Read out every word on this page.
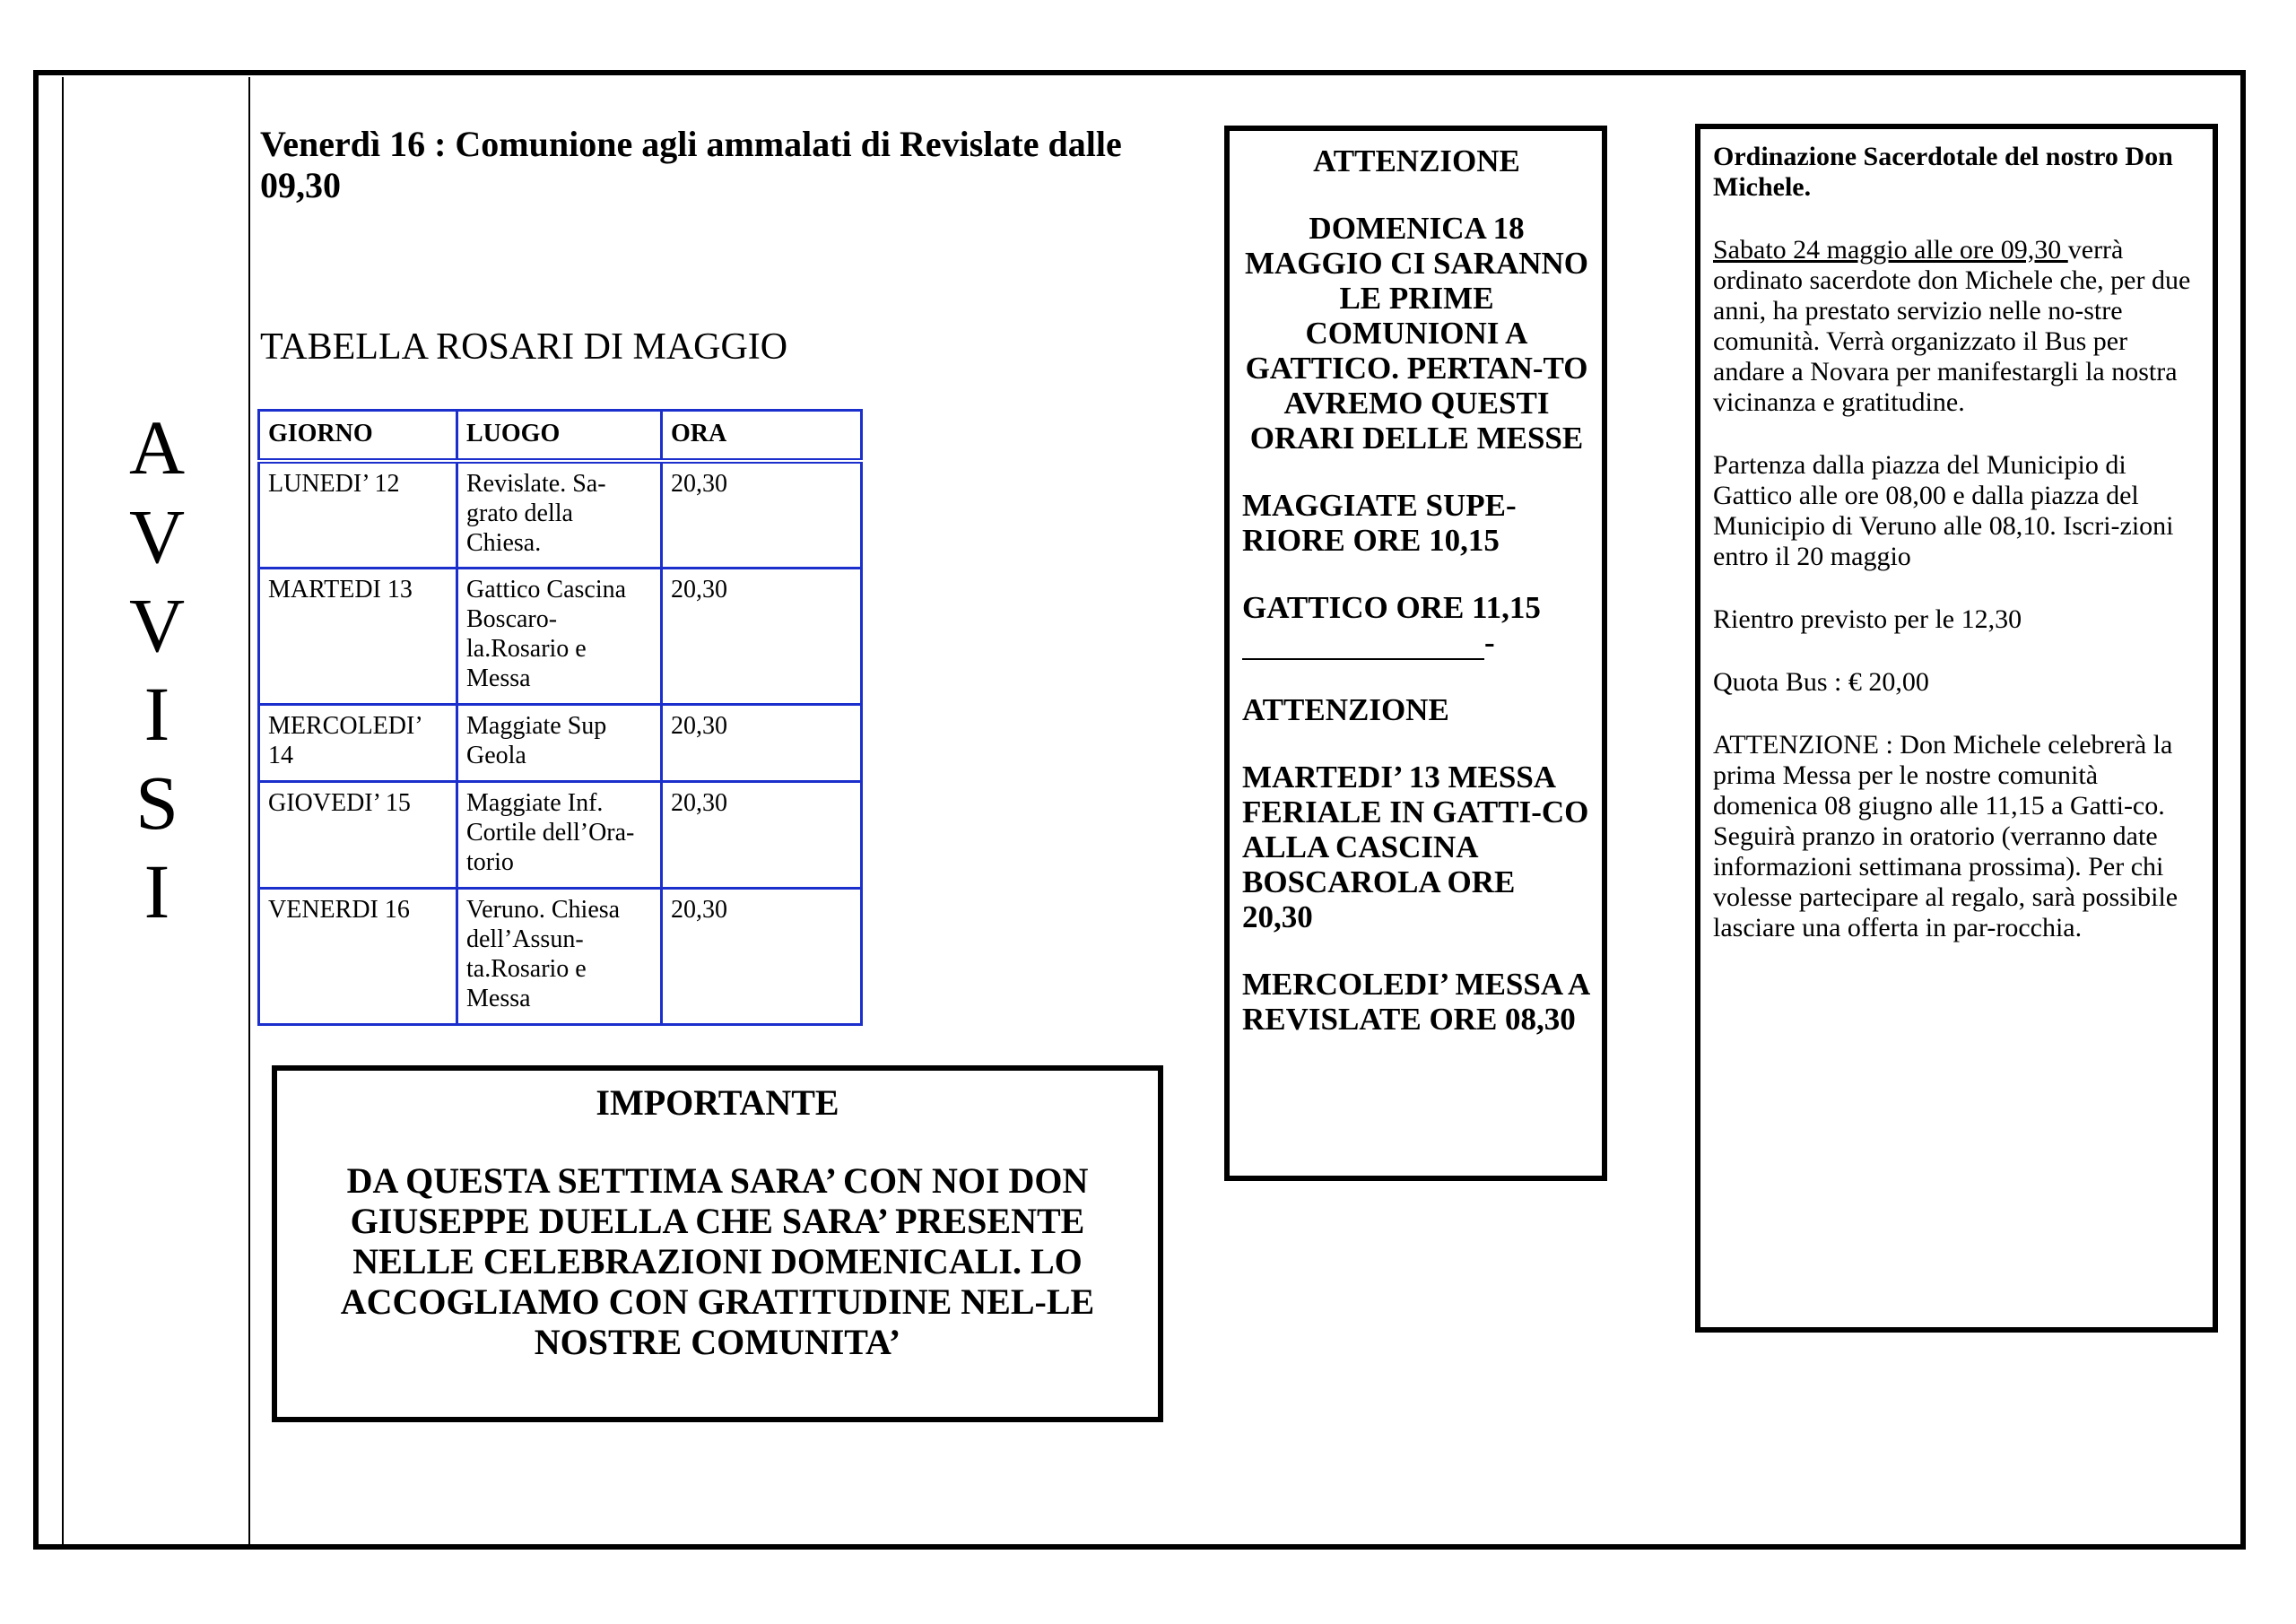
A
V
V
I
S
I

Venerdì 16 : Comunione agli ammalati di Revislate dalle 09,30

TABELLA ROSARI DI MAGGIO
GIORNO	LUOGO	ORA
LUNEDI’ 12	Revislate. Sa-grato della Chiesa.	20,30
MARTEDI 13	Gattico Cascina Boscaro-la.Rosario e Messa	20,30
MERCOLEDI’ 14	Maggiate Sup Geola	20,30
GIOVEDI’ 15	Maggiate Inf. Cortile dell’Ora-torio	20,30
VENERDI 16	Veruno. Chiesa dell’Assun-ta.Rosario e Messa	20,30

IMPORTANTE

DA QUESTA SETTIMA SARA’ CON NOI DON GIUSEPPE DUELLA CHE SARA’ PRESENTE NELLE CELEBRAZIONI DOMENICALI. LO ACCOGLIAMO CON GRATITUDINE NEL-LE NOSTRE COMUNITA’

ATTENZIONE

DOMENICA 18 MAGGIO CI SARANNO LE PRIME COMUNIONI A GATTICO. PERTAN-TO AVREMO QUESTI ORARI DELLE MESSE

MAGGIATE SUPE-RIORE ORE 10,15

GATTICO ORE 11,15

-

ATTENZIONE

MARTEDI’ 13 MESSA FERIALE IN GATTI-CO ALLA CASCINA BOSCAROLA ORE 20,30

MERCOLEDI’ MESSA A REVISLATE ORE 08,30

Ordinazione Sacerdotale del nostro Don Michele.

Sabato 24 maggio alle ore 09,30 verrà ordinato sacerdote don Michele che, per due anni, ha prestato servizio nelle no-stre comunità. Verrà organizzato il Bus per andare a Novara per manifestargli la nostra vicinanza e gratitudine.

Partenza dalla piazza del Municipio di Gattico alle ore 08,00 e dalla piazza del Municipio di Veruno alle 08,10. Iscri-zioni entro il 20 maggio

Rientro previsto per le 12,30

Quota Bus : € 20,00

ATTENZIONE : Don Michele celebrerà la prima Messa per le nostre comunità domenica 08 giugno alle 11,15 a Gatti-co. Seguirà pranzo in oratorio (verranno date informazioni settimana prossima). Per chi volesse partecipare al regalo, sarà possibile lasciare una offerta in par-rocchia.
